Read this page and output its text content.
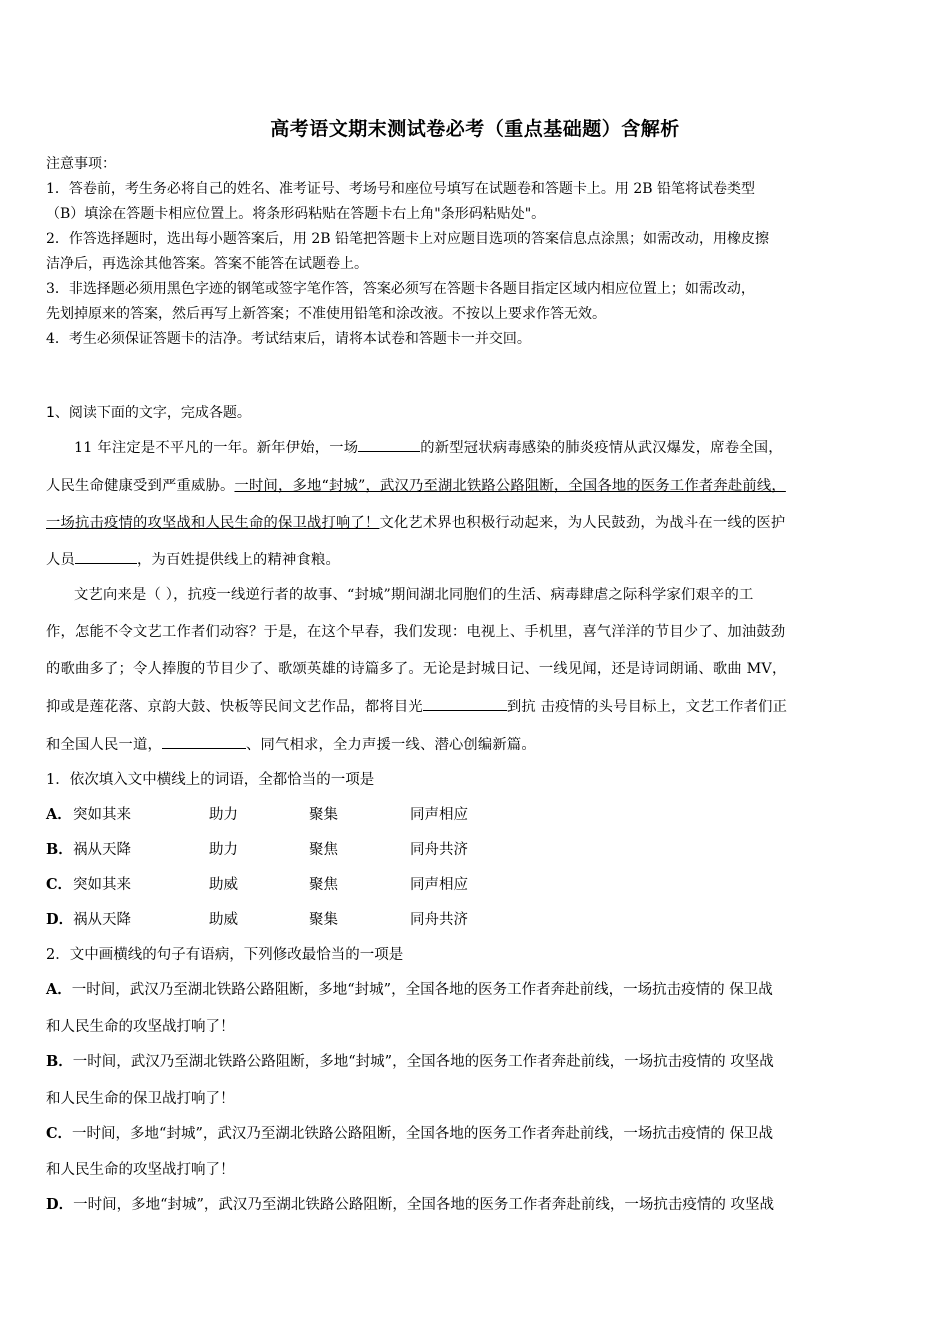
高考语文期末测试卷必考（重点基础题）含解析
注意事项：
1．答卷前，考生务必将自己的姓名、准考证号、考场号和座位号填写在试题卷和答题卡上。用 2B 铅笔将试卷类型
（B）填涂在答题卡相应位置上。将条形码粘贴在答题卡右上角"条形码粘贴处"。
2．作答选择题时，选出每小题答案后，用 2B 铅笔把答题卡上对应题目选项的答案信息点涂黑；如需改动，用橡皮擦
洁净后，再选涂其他答案。答案不能答在试题卷上。
3．非选择题必须用黑色字迹的钢笔或签字笔作答，答案必须写在答题卡各题目指定区域内相应位置上；如需改动，
先划掉原来的答案，然后再写上新答案；不准使用铅笔和涂改液。不按以上要求作答无效。
4．考生必须保证答题卡的洁净。考试结束后，请将本试卷和答题卡一并交回。
1、阅读下面的文字，完成各题。
11 年注定是不平凡的一年。新年伊始，一场	的新型冠状病毒感染的肺炎疫情从武汉爆发，席卷全国，
人民生命健康受到严重威胁。一时间，多地“封城”，武汉乃至湖北铁路公路阻断，全国各地的医务工作者奔赴前线，
一场抗击疫情的攻坚战和人民生命的保卫战打响了！文化艺术界也积极行动起来，为人民鼓劲，为战斗在一线的医护
人员	，为百姓提供线上的精神食粮。
文艺向来是（ ），抗疫一线逆行者的故事、“封城”期间湖北同胞们的生活、病毒肆虐之际科学家们艰辛的工
作，怎能不令文艺工作者们动容？于是，在这个早春，我们发现：电视上、手机里，喜气洋洋的节目少了、加油鼓劲
的歌曲多了；令人捧腹的节目少了、歌颂英雄的诗篇多了。无论是封城日记、一线见闻，还是诗词朗诵、歌曲 MV，
抑或是莲花落、京韵大鼓、快板等民间文艺作品，都将目光	到抗 击疫情的头号目标上，文艺工作者们正
和全国人民一道，	、同气相求，全力声援一线、潜心创编新篇。
1．依次填入文中横线上的词语，全都恰当的一项是
A． 突如其来	助力	聚集	同声相应
B． 祸从天降	助力	聚焦	同舟共济
C． 突如其来	助威	聚焦	同声相应
D． 祸从天降	助威	聚集	同舟共济
2．文中画横线的句子有语病，下列修改最恰当的一项是
A．一时间，武汉乃至湖北铁路公路阻断，多地“封城”，全国各地的医务工作者奔赴前线，一场抗击疫情的 保卫战
和人民生命的攻坚战打响了！
B．一时间，武汉乃至湖北铁路公路阻断，多地“封城”，全国各地的医务工作者奔赴前线，一场抗击疫情的 攻坚战
和人民生命的保卫战打响了！
C．一时间，多地“封城”，武汉乃至湖北铁路公路阻断，全国各地的医务工作者奔赴前线，一场抗击疫情的 保卫战
和人民生命的攻坚战打响了！
D．一时间，多地“封城”，武汉乃至湖北铁路公路阻断，全国各地的医务工作者奔赴前线，一场抗击疫情的 攻坚战
